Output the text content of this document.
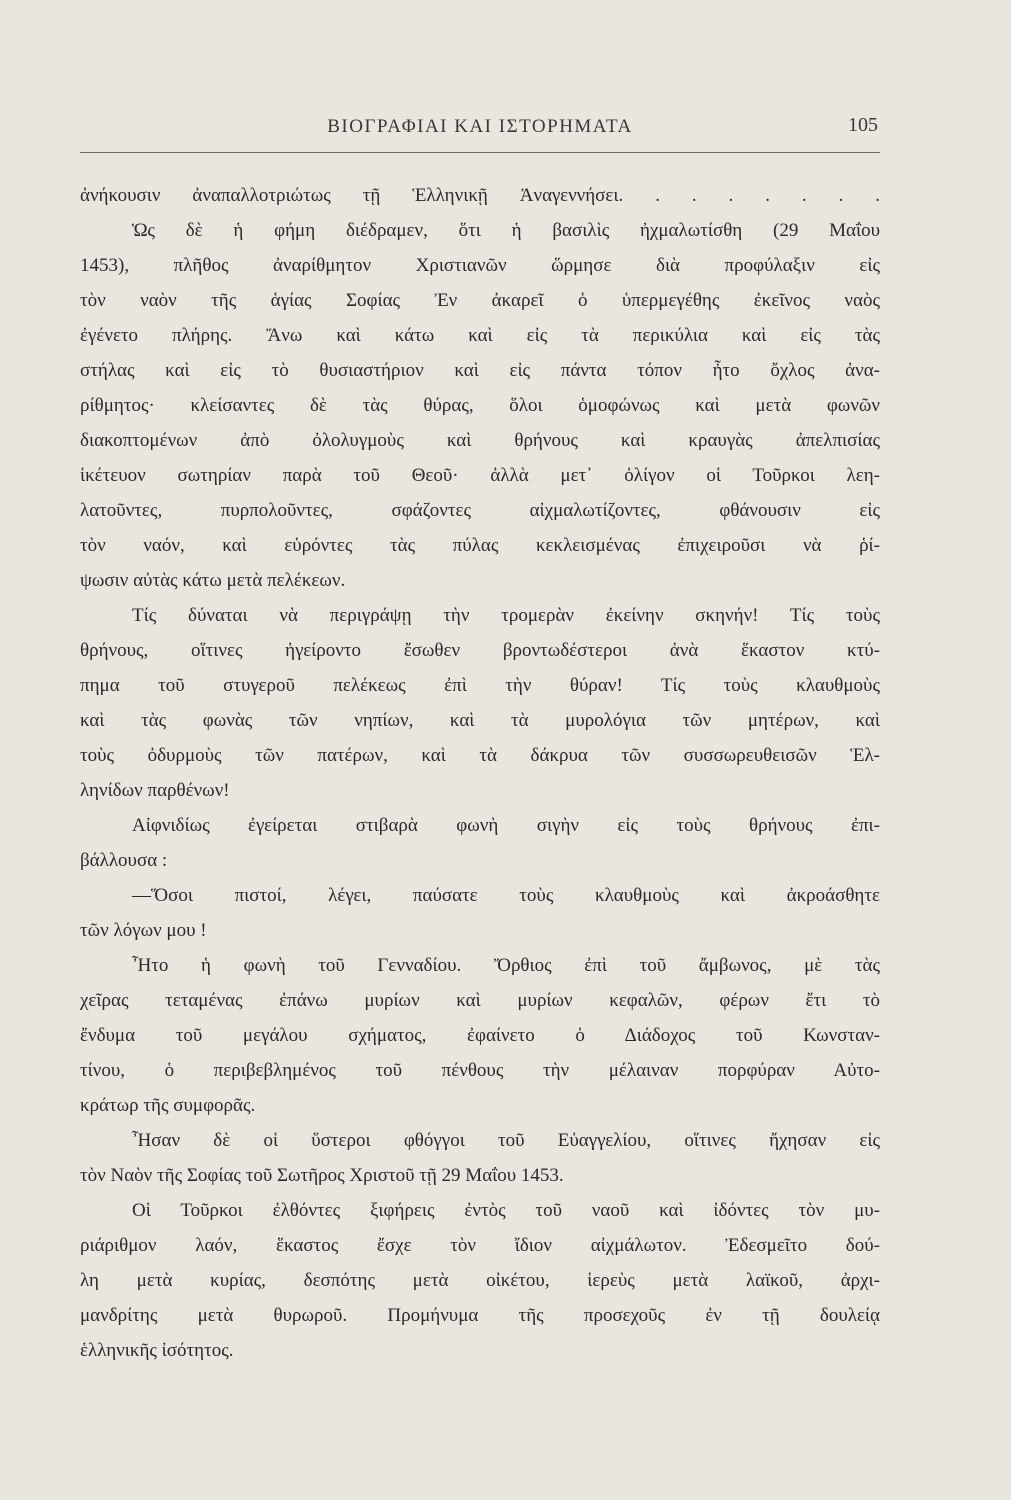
ΒΙΟΓΡΑΦΙΑΙ ΚΑΙ ΙΣΤΟΡΗΜΑΤΑ	105
ἀνήκουσιν ἀναπαλλοτριώτως τῇ Ἑλληνικῇ Ἀναγεννήσει. . . . . . . .
Ὡς δὲ ἡ φήμη διέδραμεν, ὅτι ἡ βασιλὶς ἠχμαλωτίσθη (29 Μαΐου
1453), πλῆθος ἀναρίθμητον Χριστιανῶν ὥρμησε διὰ προφύλαξιν εἰς
τὸν ναὸν τῆς ἁγίας Σοφίας Ἐν ἀκαρεῖ ὁ ὑπερμεγέθης ἐκεῖνος ναὸς
ἐγένετο πλήρης. Ἄνω καὶ κάτω καὶ εἰς τὰ περικύλια καὶ εἰς τὰς
στήλας καὶ εἰς τὸ θυσιαστήριον καὶ εἰς πάντα τόπον ἦτο ὄχλος ἀνα-
ρίθμητος· κλείσαντες δὲ τὰς θύρας, ὅλοι ὁμοφώνως καὶ μετὰ φωνῶν
διακοπτομένων ἀπὸ ὀλολυγμοὺς καὶ θρήνους καὶ κραυγὰς ἀπελπισίας
ἱκέτευον σωτηρίαν παρὰ τοῦ Θεοῦ· ἀλλὰ μετ᾽ ὀλίγον οἱ Τοῦρκοι λεη-
λατοῦντες, πυρπολοῦντες, σφάζοντες αἰχμαλωτίζοντες, φθάνουσιν εἰς
τὸν ναόν, καὶ εὑρόντες τὰς πύλας κεκλεισμένας ἐπιχειροῦσι νὰ ῥί-
ψωσιν αὐτὰς κάτω μετὰ πελέκεων.
Τίς δύναται νὰ περιγράψῃ τὴν τρομερὰν ἐκείνην σκηνήν! Τίς τοὺς
θρήνους, οἵτινες ἠγείροντο ἔσωθεν βροντωδέστεροι ἀνὰ ἕκαστον κτύ-
πημα τοῦ στυγεροῦ πελέκεως ἐπὶ τὴν θύραν! Τίς τοὺς κλαυθμοὺς
καὶ τὰς φωνὰς τῶν νηπίων, καὶ τὰ μυρολόγια τῶν μητέρων, καὶ
τοὺς ὀδυρμοὺς τῶν πατέρων, καὶ τὰ δάκρυα τῶν συσσωρευθεισῶν Ἑλ-
ληνίδων παρθένων!
Αἰφνιδίως ἐγείρεται στιβαρὰ φωνὴ σιγὴν εἰς τοὺς θρήνους ἐπι-
βάλλουσα :
—Ὅσοι πιστοί, λέγει, παύσατε τοὺς κλαυθμοὺς καὶ ἀκροάσθητε
τῶν λόγων μου !
Ἦτο ἡ φωνὴ τοῦ Γενναδίου. Ὄρθιος ἐπὶ τοῦ ἄμβωνος, μὲ τὰς
χεῖρας τεταμένας ἐπάνω μυρίων καὶ μυρίων κεφαλῶν, φέρων ἔτι τὸ
ἔνδυμα τοῦ μεγάλου σχήματος, ἐφαίνετο ὁ Διάδοχος τοῦ Κωνσταν-
τίνου, ὁ περιβεβλημένος τοῦ πένθους τὴν μέλαιναν πορφύραν Αὐτο-
κράτωρ τῆς συμφορᾶς.
Ἦσαν δὲ οἱ ὕστεροι φθόγγοι τοῦ Εὐαγγελίου, οἵτινες ἤχησαν εἰς
τὸν Ναὸν τῆς Σοφίας τοῦ Σωτῆρος Χριστοῦ τῇ 29 Μαΐου 1453.
Οἱ Τοῦρκοι ἐλθόντες ξιφήρεις ἐντὸς τοῦ ναοῦ καὶ ἰδόντες τὸν μυ-
ριάριθμον λαόν, ἕκαστος ἔσχε τὸν ἴδιον αἰχμάλωτον. Ἐδεσμεῖτο δού-
λη μετὰ κυρίας, δεσπότης μετὰ οἰκέτου, ἱερεὺς μετὰ λαϊκοῦ, ἀρχι-
μανδρίτης μετὰ θυρωροῦ. Προμήνυμα τῆς προσεχοῦς ἐν τῇ δουλείᾳ
ἑλληνικῆς ἰσότητος.
